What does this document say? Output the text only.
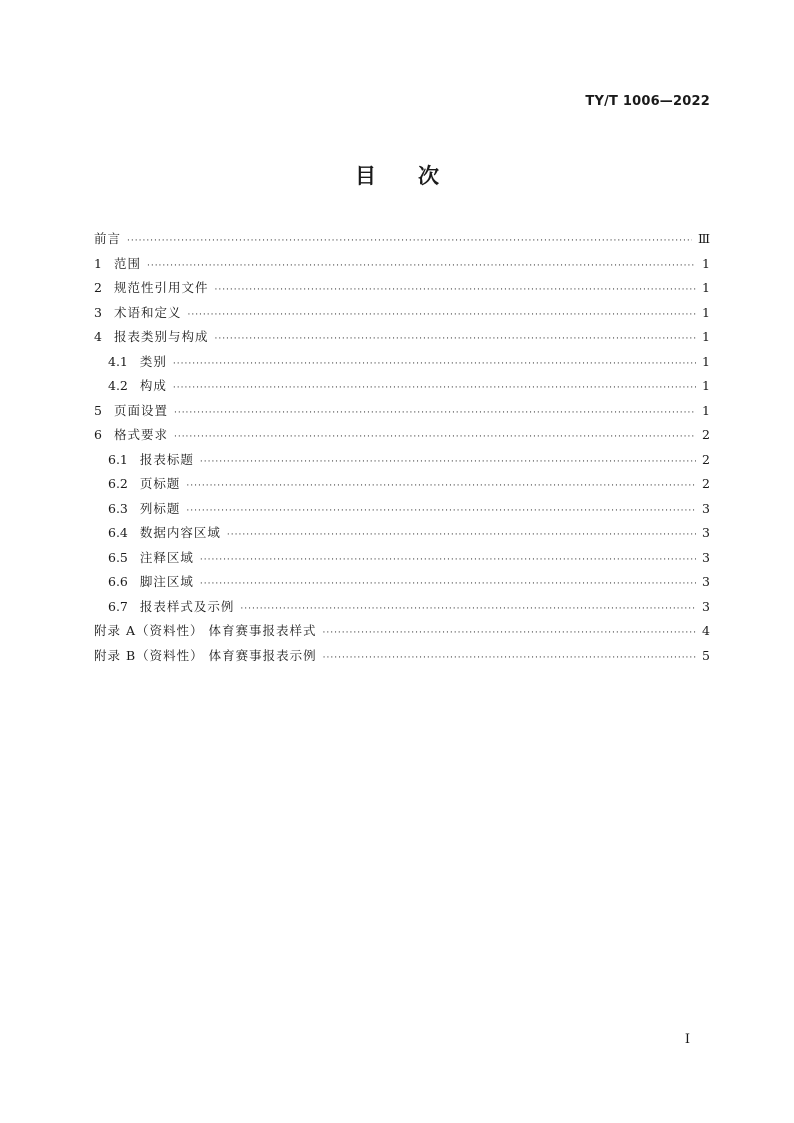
TY/T 1006—2022
目 次
前言 ·····	Ⅲ
1 范围 ·····	1
2 规范性引用文件 ·····	1
3 术语和定义 ·····	1
4 报表类别与构成 ·····	1
4.1 类别 ·····	1
4.2 构成 ·····	1
5 页面设置 ·····	1
6 格式要求 ·····	2
6.1 报表标题 ·····	2
6.2 页标题 ·····	2
6.3 列标题 ·····	3
6.4 数据内容区域 ·····	3
6.5 注释区域 ·····	3
6.6 脚注区域 ·····	3
6.7 报表样式及示例 ·····	3
附录 A（资料性） 体育赛事报表样式 ·····	4
附录 B（资料性） 体育赛事报表示例 ·····	5
I
